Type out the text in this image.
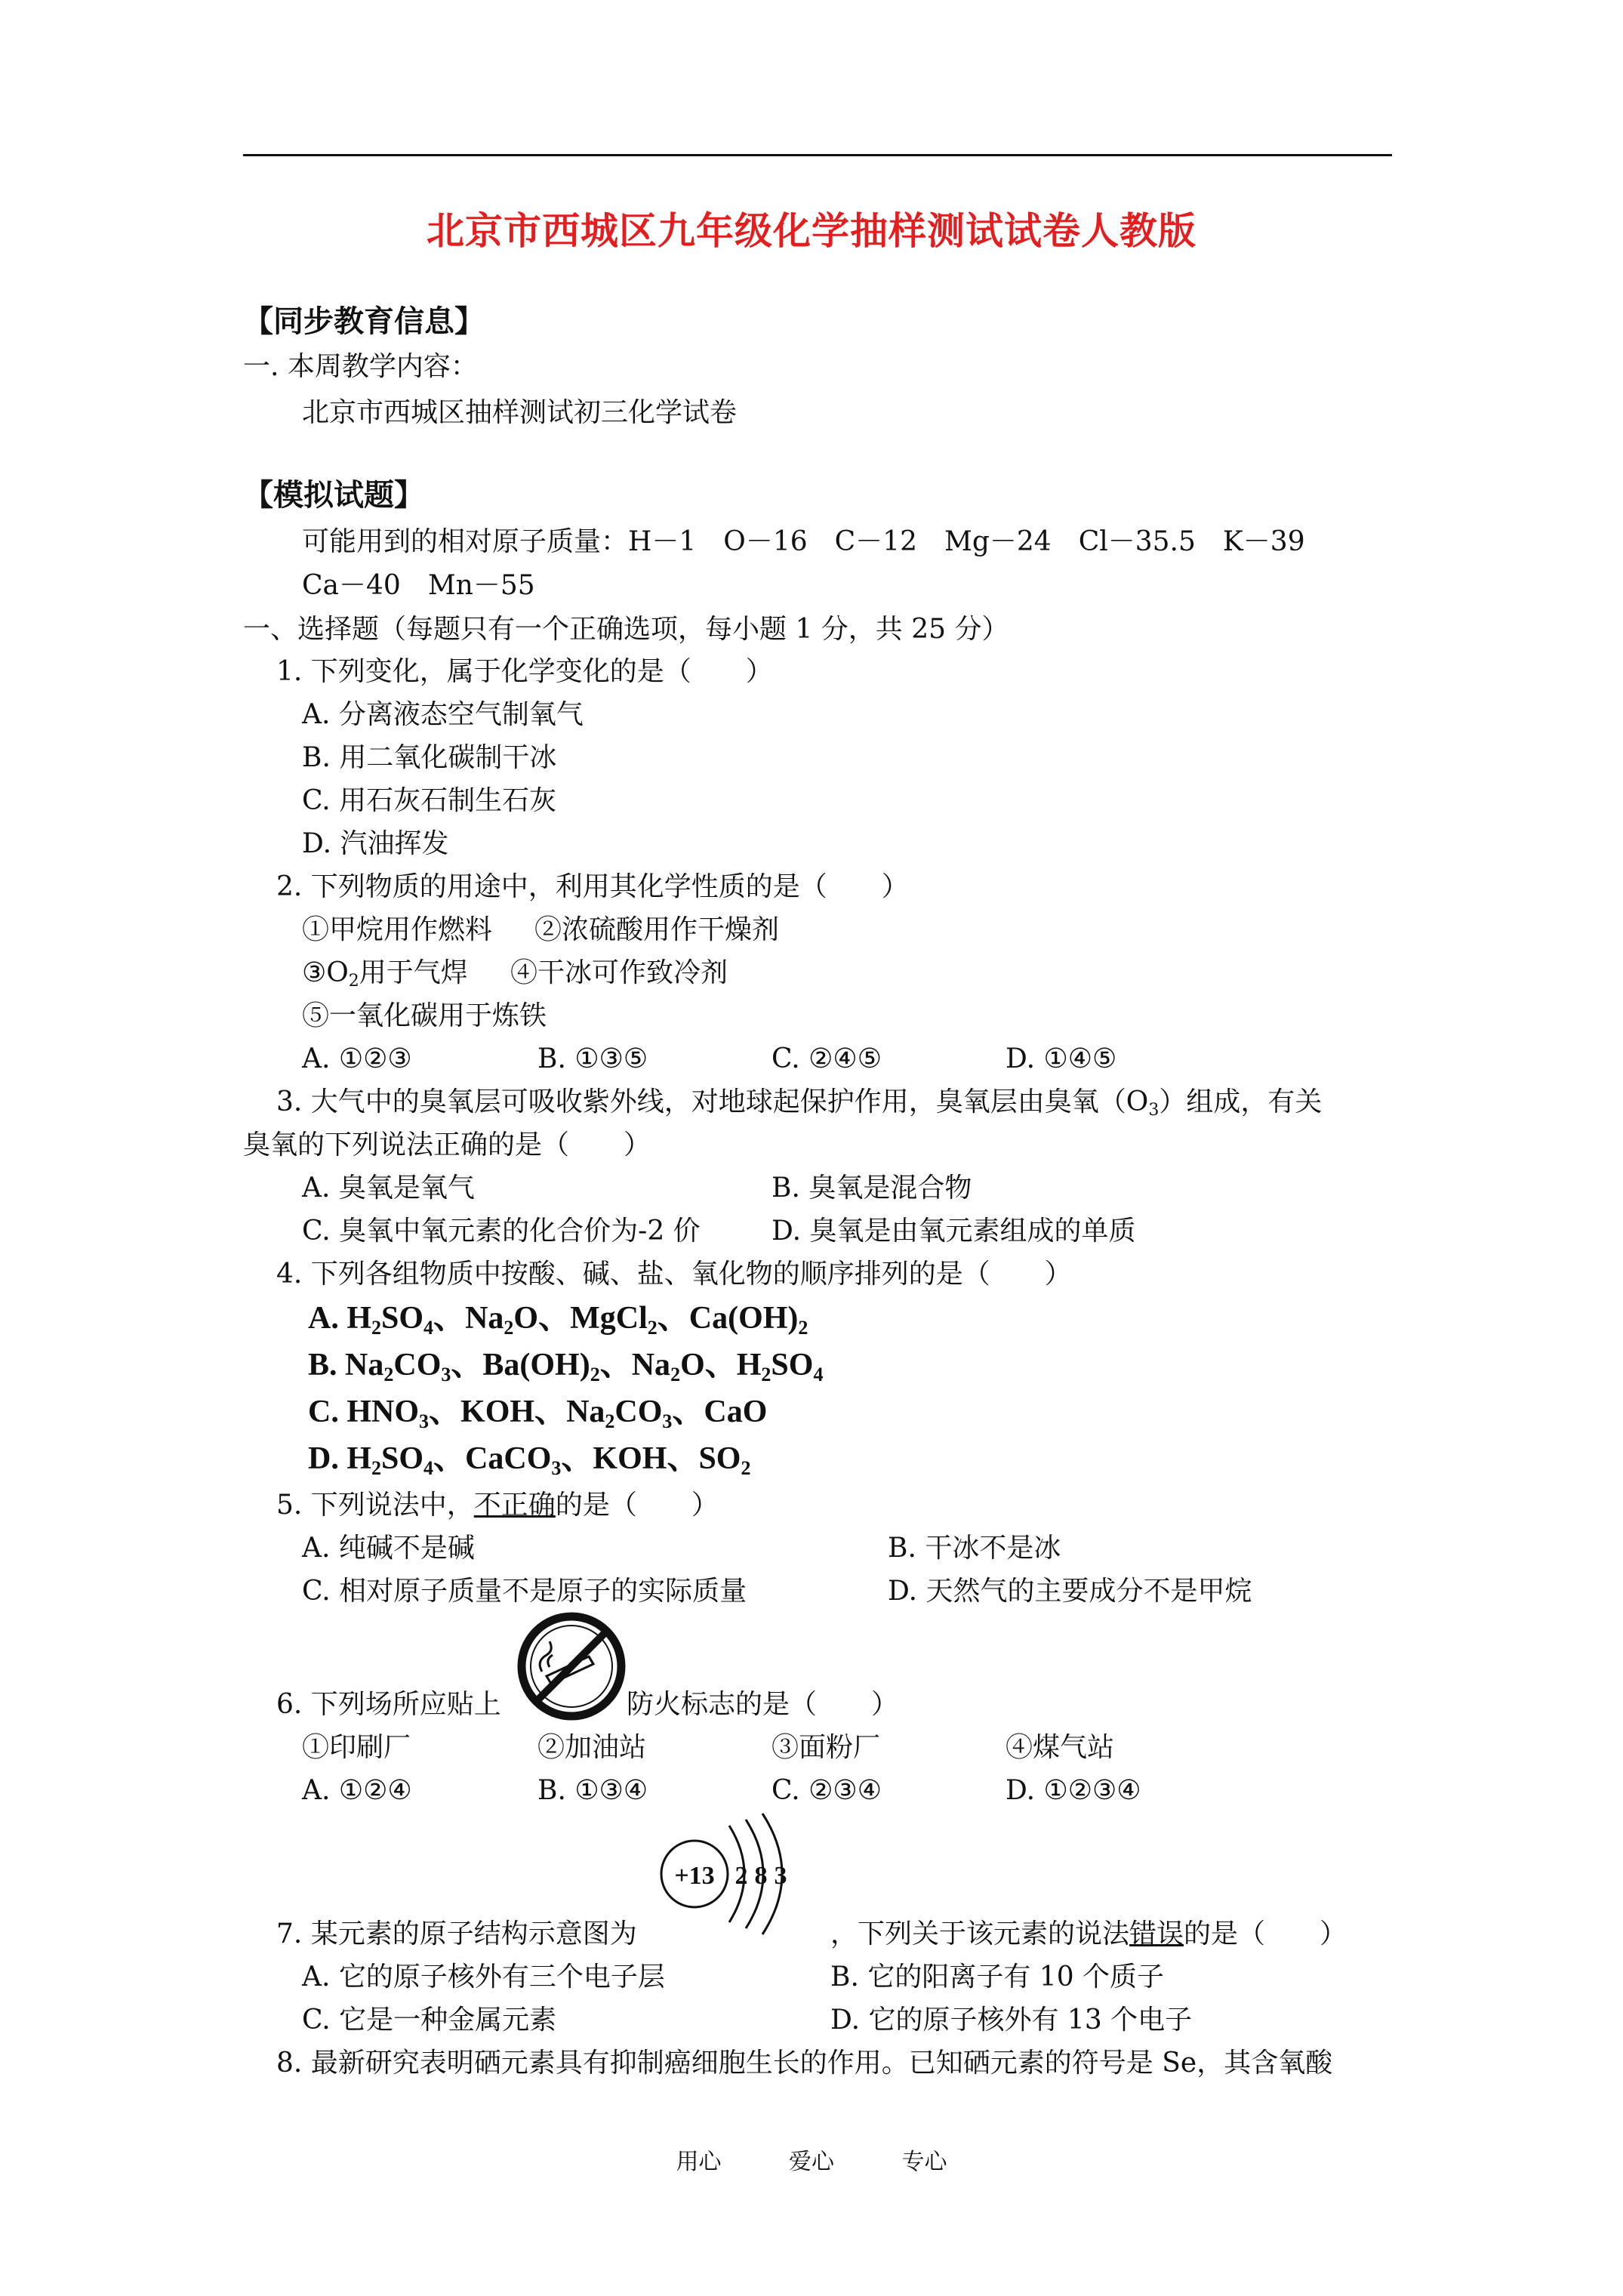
北京市西城区九年级化学抽样测试试卷人教版
【同步教育信息】
一. 本周教学内容：
北京市西城区抽样测试初三化学试卷
【模拟试题】
可能用到的相对原子质量：H－1　O－16　C－12　Mg－24　Cl－35.5　K－39
Ca－40　Mn－55
一、选择题（每题只有一个正确选项，每小题 1 分，共 25 分）
1. 下列变化，属于化学变化的是（　　）
A. 分离液态空气制氧气
B. 用二氧化碳制干冰
C. 用石灰石制生石灰
D. 汽油挥发
2. 下列物质的用途中，利用其化学性质的是（　　）
①甲烷用作燃料 ②浓硫酸用作干燥剂
$③O_2$用于气焊 ④干冰可作致冷剂
⑤一氧化碳用于炼铁
A. ①②③	B. ①③⑤	C. ②④⑤	D. ①④⑤
3. 大气中的臭氧层可吸收紫外线，对地球起保护作用，臭氧层由臭氧$(O_3)$组成，有关
臭氧的下列说法正确的是（　　）
A. 臭氧是氧气	B. 臭氧是混合物
C. 臭氧中氧元素的化合价为-2 价	D. 臭氧是由氧元素组成的单质
4. 下列各组物质中按酸、碱、盐、氧化物的顺序排列的是（　　）
A. $H_2SO_4$、$Na_2O$、MgCl$_2$、$Ca(OH)_2$
B. $Na_2CO_3$、$Ba(OH)_2$、$Na_2O$、$H_2SO_4$
C. $HNO_3$、KOH、$Na_2CO_3$、CaO
D. $H_2SO_4$、CaCO$_3$、KOH、$SO_2$
5. 下列说法中，不正确的是（　　）
A. 纯碱不是碱	B. 干冰不是冰
C. 相对原子质量不是原子的实际质量	D. 天然气的主要成分不是甲烷
6. 下列场所应贴上	防火标志的是（　　）
①印刷厂	②加油站	③面粉厂	④煤气站
A. ①②④	B. ①③④	C. ②③④	D. ①②③④
+13 2 8 3
7. 某元素的原子结构示意图为	，下列关于该元素的说法错误的是（　　）
A. 它的原子核外有三个电子层	B. 它的阳离子有 10 个质子
C. 它是一种金属元素	D. 它的原子核外有 13 个电子
8. 最新研究表明硒元素具有抑制癌细胞生长的作用。已知硒元素的符号是 Se，其含氧酸
用心	爱心	专心
